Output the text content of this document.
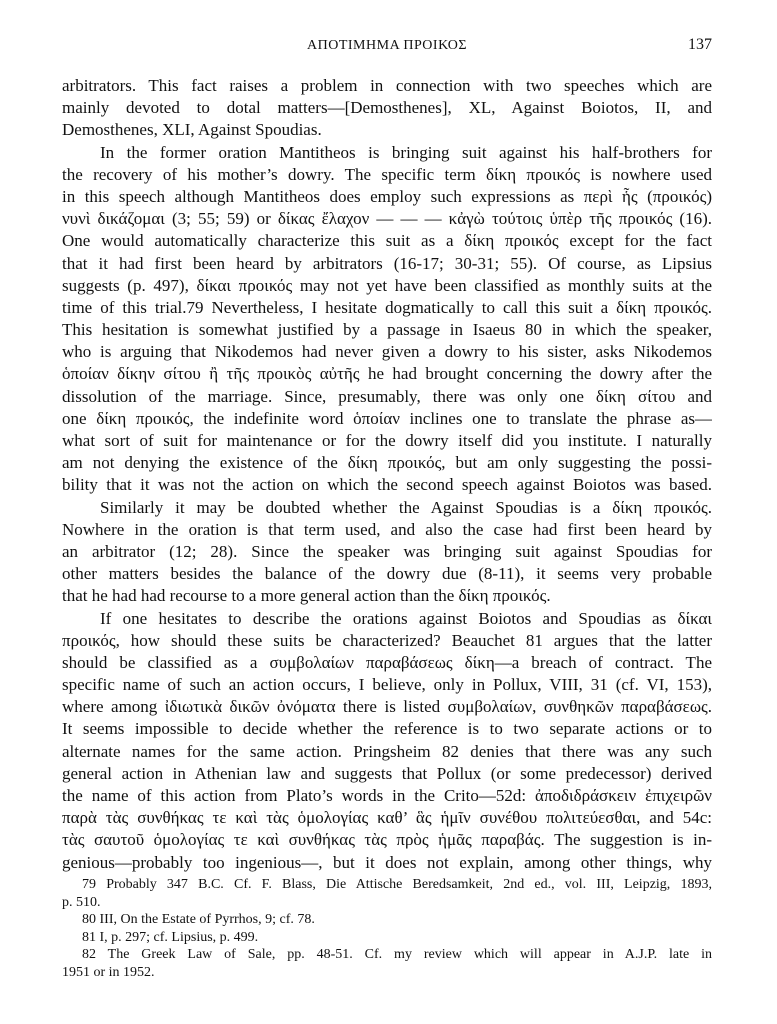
ΑΠΟΤΙΜΗΜΑ ΠΡΟΙΚΟΣ	137
arbitrators. This fact raises a problem in connection with two speeches which are
mainly devoted to dotal matters—[Demosthenes], XL, Against Boiotos, II, and
Demosthenes, XLI, Against Spoudias.
In the former oration Mantitheos is bringing suit against his half-brothers for
the recovery of his mother’s dowry. The specific term δίκη προικός is nowhere used
in this speech although Mantitheos does employ such expressions as περὶ ἧς (προικός)
νυνὶ δικάζομαι (3; 55; 59) or δίκας ἔλαχον — — — κἀγὼ τούτοις ὑπὲρ τῆς προικός (16).
One would automatically characterize this suit as a δίκη προικός except for the fact
that it had first been heard by arbitrators (16-17; 30-31; 55). Of course, as Lipsius
suggests (p. 497), δίκαι προικός may not yet have been classified as monthly suits at the
time of this trial.79 Nevertheless, I hesitate dogmatically to call this suit a δίκη προικός.
This hesitation is somewhat justified by a passage in Isaeus 80 in which the speaker,
who is arguing that Nikodemos had never given a dowry to his sister, asks Nikodemos
ὁποίαν δίκην σίτου ἢ τῆς προικὸς αὐτῆς he had brought concerning the dowry after the
dissolution of the marriage. Since, presumably, there was only one δίκη σίτου and
one δίκη προικός, the indefinite word ὁποίαν inclines one to translate the phrase as—
what sort of suit for maintenance or for the dowry itself did you institute. I naturally
am not denying the existence of the δίκη προικός, but am only suggesting the possi-
bility that it was not the action on which the second speech against Boiotos was based.
Similarly it may be doubted whether the Against Spoudias is a δίκη προικός.
Nowhere in the oration is that term used, and also the case had first been heard by
an arbitrator (12; 28). Since the speaker was bringing suit against Spoudias for
other matters besides the balance of the dowry due (8-11), it seems very probable
that he had had recourse to a more general action than the δίκη προικός.
If one hesitates to describe the orations against Boiotos and Spoudias as δίκαι
προικός, how should these suits be characterized? Beauchet 81 argues that the latter
should be classified as a συμβολαίων παραβάσεως δίκη—a breach of contract. The
specific name of such an action occurs, I believe, only in Pollux, VIII, 31 (cf. VI, 153),
where among ἰδιωτικὰ δικῶν ὀνόματα there is listed συμβολαίων, συνθηκῶν παραβάσεως.
It seems impossible to decide whether the reference is to two separate actions or to
alternate names for the same action. Pringsheim 82 denies that there was any such
general action in Athenian law and suggests that Pollux (or some predecessor) derived
the name of this action from Plato’s words in the Crito—52d: ἀποδιδράσκειν ἐπιχειρῶν
παρὰ τὰς συνθήκας τε καὶ τὰς ὁμολογίας καθ’ ἃς ἡμῖν συνέθου πολιτεύεσθαι, and 54c:
τὰς σαυτοῦ ὁμολογίας τε καὶ συνθήκας τὰς πρὸς ἡμᾶς παραβάς. The suggestion is in-
genious—probably too ingenious—, but it does not explain, among other things, why
79 Probably 347 B.C. Cf. F. Blass, Die Attische Beredsamkeit, 2nd ed., vol. III, Leipzig, 1893,
p. 510.
80 III, On the Estate of Pyrrhos, 9; cf. 78.
81 I, p. 297; cf. Lipsius, p. 499.
82 The Greek Law of Sale, pp. 48-51. Cf. my review which will appear in A.J.P. late in
1951 or in 1952.
